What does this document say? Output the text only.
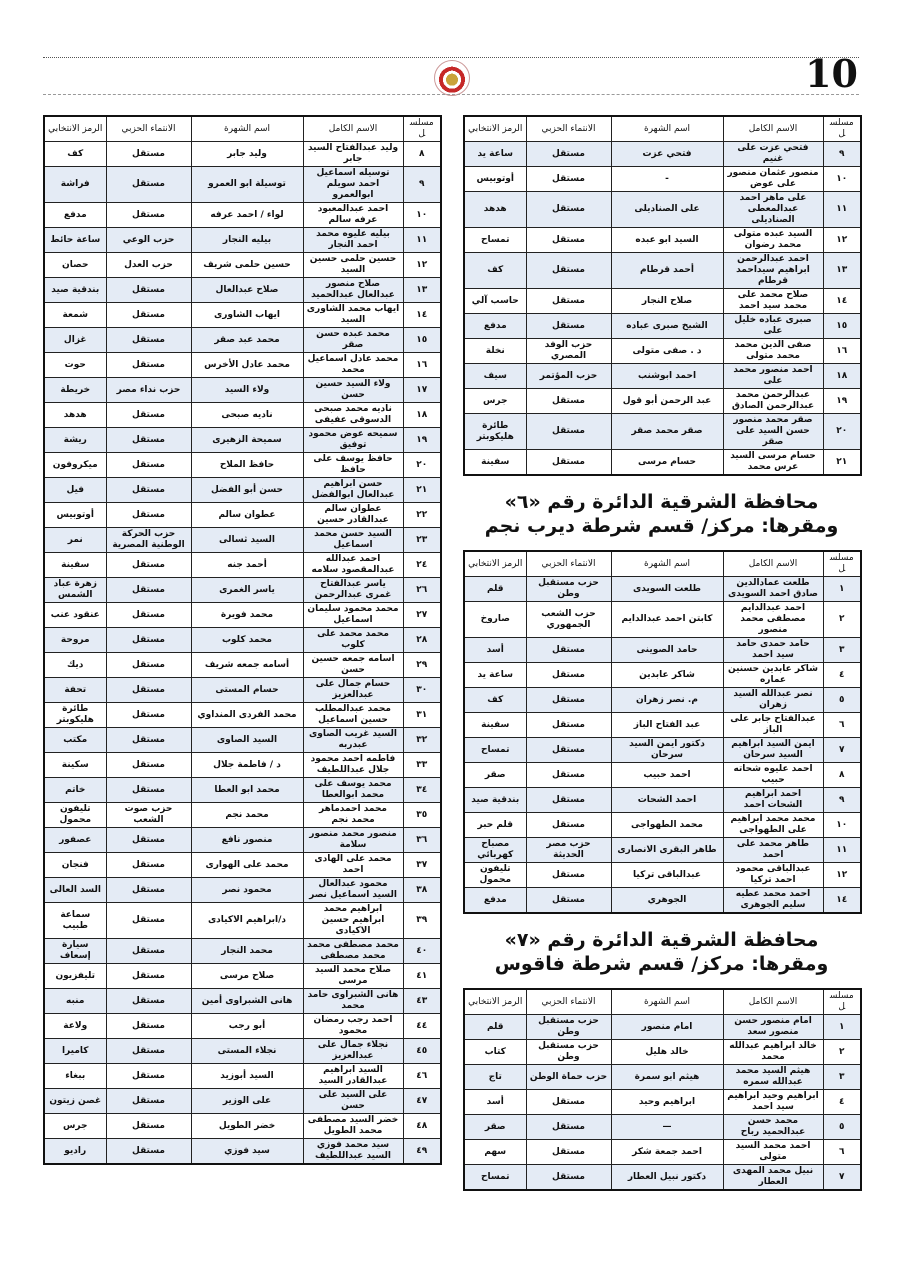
10
مسلسل	الاسم الكامل	اسم الشهرة	الانتماء الحزبي	الرمز الانتخابي
٨	وليد عبدالفتاح السيد جابر	وليد جابر	مستقل	كف
٩	توسيله اسماعيل احمد سويلم ابوالعمرو	توسيلة ابو العمرو	مستقل	فراشة
١٠	احمد عبدالمعبود عرفه سالم	لواء / احمد عرفه	مستقل	مدفع
١١	بيليه عليوه محمد احمد النجار	بيليه النجار	حزب الوعي	ساعة حائط
١٢	حسين حلمى حسين السيد	حسين حلمى شريف	حزب العدل	حصان
١٣	صلاح منصور عبدالعال عبدالحميد	صلاح عبدالعال	مستقل	بندقية صيد
١٤	ايهاب محمد الشاورى السيد	ايهاب الشاورى	مستقل	شمعة
١٥	محمد عبده حسن صقر	محمد عبد صقر	مستقل	غزال
١٦	محمد عادل اسماعيل محمد	محمد عادل الأخرس	مستقل	حوت
١٧	ولاء السيد حسين حسن	ولاء السيد	حزب نداء مصر	خريطة
١٨	ناديه محمد صبحى الدسوقى عفيفى	ناديه صبحى	مستقل	هدهد
١٩	سميحه عوض محمود توفيق	سميحة الزهيرى	مستقل	ريشة
٢٠	حافظ يوسف على حافظ	حافظ الملاح	مستقل	ميكروفون
٢١	حسن ابراهيم عبدالعال ابوالفضل	حسن أبو الفضل	مستقل	فيل
٢٢	عطوان سالم عبدالقادر حسين	عطوان سالم	مستقل	أوتوبيس
٢٣	السيد حسن محمد اسماعيل	السيد ثسالى	حزب الحركة الوطنية المصرية	نمر
٢٤	احمد عبدالله عبدالمقصود سلامه	أحمد جنه	مستقل	سفينة
٢٦	ياسر عبدالفتاح غمرى عبدالرحمن	ياسر الغمرى	مستقل	زهرة عباد الشمس
٢٧	محمد محمود سليمان اسماعيل	محمد فويرة	مستقل	عنقود عنب
٢٨	محمد محمد على كلوب	محمد كلوب	مستقل	مروحة
٢٩	اسامه جمعه حسين حسن	أسامه جمعه شريف	مستقل	ديك
٣٠	حسام جمال على عبدالعزيز	حسام المستى	مستقل	تحفة
٣١	محمد عبدالمطلب حسين اسماعيل	محمد الفردى المنداوي	مستقل	طائرة هليكوبتر
٣٢	السيد غريب الصاوى عبدربه	السيد الصاوى	مستقل	مكتب
٣٣	فاطمه احمد محمود جلال عبداللطيف	د / فاطمة جلال	مستقل	سكينة
٣٤	محمد يوسف على محمد ابوالعطا	محمد ابو العطا	مستقل	خاتم
٣٥	محمد احمدماهر محمد نجم	محمد نجم	حزب صوت الشعب	تليفون محمول
٣٦	منصور محمد منصور سلامة	منصور نافع	مستقل	عصفور
٣٧	محمد على الهادى احمد	محمد على الهوارى	مستقل	فنجان
٣٨	محمود عبدالعال السيد اسماعيل نصر	محمود نصر	مستقل	السد العالى
٣٩	ابراهيم محمد ابراهيم حسين الاكيادى	د/ابراهيم الاكيادى	مستقل	سماعة طبيب
٤٠	محمد مصطفى محمد محمد مصطفى	محمد النجار	مستقل	سيارة إسعاف
٤١	صلاح محمد السيد مرسى	صلاح مرسى	مستقل	تليفزيون
٤٣	هانى الشبراوى حامد محمد	هانى الشبراوى أمين	مستقل	منبه
٤٤	احمد رجب رمضان محمود	أبو رجب	مستقل	ولاعة
٤٥	نجلاء جمال على عبدالعزيز	نجلاء المستى	مستقل	كاميرا
٤٦	السيد ابراهيم عبدالقادر السيد	السيد أبوزيد	مستقل	ببغاء
٤٧	على السيد على حسن	على الوزير	مستقل	غصن زيتون
٤٨	خضر السيد مصطفى محمد الطويل	خضر الطويل	مستقل	جرس
٤٩	سيد محمد فوزي السيد عبداللطيف	سيد فوزي	مستقل	راديو
مسلسل	الاسم الكامل	اسم الشهرة	الانتماء الحزبي	الرمز الانتخابي
٩	فتحي عزت على غنيم	فتحي عزت	مستقل	ساعة يد
١٠	منصور عثمان منصور على عوض	-	مستقل	أوتوبيس
١١	على ماهر احمد عبدالمعطى الصناديلى	على الصناديلى	مستقل	هدهد
١٢	السيد عبده متولى محمد رضوان	السيد ابو عبده	مستقل	تمساح
١٣	احمد عبدالرحمن ابراهيم سيداحمد قرطام	أحمد قرطام	مستقل	كف
١٤	صلاح محمد على محمد سيد احمد	صلاح النجار	مستقل	حاسب آلي
١٥	صبرى عباده خليل على	الشيخ صبرى عباده	مستقل	مدفع
١٦	صفى الدين محمد محمد متولى	د . صفى متولى	حزب الوفد المصري	نخلة
١٨	احمد منصور محمد على	احمد ابوشنب	حزب المؤتمر	سيف
١٩	عبدالرحمن محمد عبدالرحمن الصادق	عبد الرحمن أبو قول	مستقل	جرس
٢٠	صقر محمد منصور حسن السيد على صقر	صقر محمد صقر	مستقل	طائرة هليكوبتر
٢١	حسام مرسى السيد عرس محمد	حسام مرسى	مستقل	سفينة
محافظة الشرقية الدائرة رقم «٦»
ومقرها: مركز/ قسم شرطة ديرب نجم
مسلسل	الاسم الكامل	اسم الشهرة	الانتماء الحزبي	الرمز الانتخابي
١	طلعت عمادالدين صادق احمد السويدى	طلعت السويدى	حزب مستقبل وطن	قلم
٢	احمد عبدالدايم مصطفى محمد منصور	كابتن احمد عبدالدايم	حزب الشعب الجمهوري	صاروخ
٣	حامد حمدى حامد سيد احمد	حامد الصوينى	مستقل	أسد
٤	شاكر عابدين حسنين عماره	شاكر عابدين	مستقل	ساعة يد
٥	نصر عبدالله السيد زهران	م. نصر زهران	مستقل	كف
٦	عبدالفتاح جابر على الباز	عبد الفتاح الباز	مستقل	سفينة
٧	ايمن السيد ابراهيم السيد سرحان	دكتور ايمن السيد سرحان	مستقل	تمساح
٨	احمد عليوه شحاته حبيب	احمد حبيب	مستقل	صقر
٩	احمد ابراهيم الشحات احمد	احمد الشحات	مستقل	بندقية صيد
١٠	محمد محمد ابراهيم على الطهواجى	محمد الطهواجى	مستقل	قلم حبر
١١	طاهر محمد على احمد	طاهر البقرى الانصارى	حزب مصر الحديثة	مصباح كهربائي
١٢	عبدالباقى محمود احمد تركيا	عبدالباقى تركيا	مستقل	تليفون محمول
١٤	احمد محمد عطيه سليم الجوهرى	الجوهري	مستقل	مدفع
محافظة الشرقية الدائرة رقم «٧»
ومقرها: مركز/ قسم شرطة فاقوس
مسلسل	الاسم الكامل	اسم الشهرة	الانتماء الحزبي	الرمز الانتخابي
١	امام منصور حسن منصور سعد	امام منصور	حزب مستقبل وطن	قلم
٢	خالد ابراهيم عبدالله محمد	خالد هليل	حزب مستقبل وطن	كتاب
٣	هيثم السيد محمد عبدالله سمره	هيثم ابو سمرة	حزب حماة الوطن	تاج
٤	ابراهيم وحيد ابراهيم سيد احمد	ابراهيم وحيد	مستقل	أسد
٥	محمد حسن عبدالحميد رباح	—	مستقل	صقر
٦	احمد محمد السيد متولى	احمد جمعة شكر	مستقل	سهم
٧	نبيل محمد المهدى العطار	دكتور نبيل العطار	مستقل	تمساح
